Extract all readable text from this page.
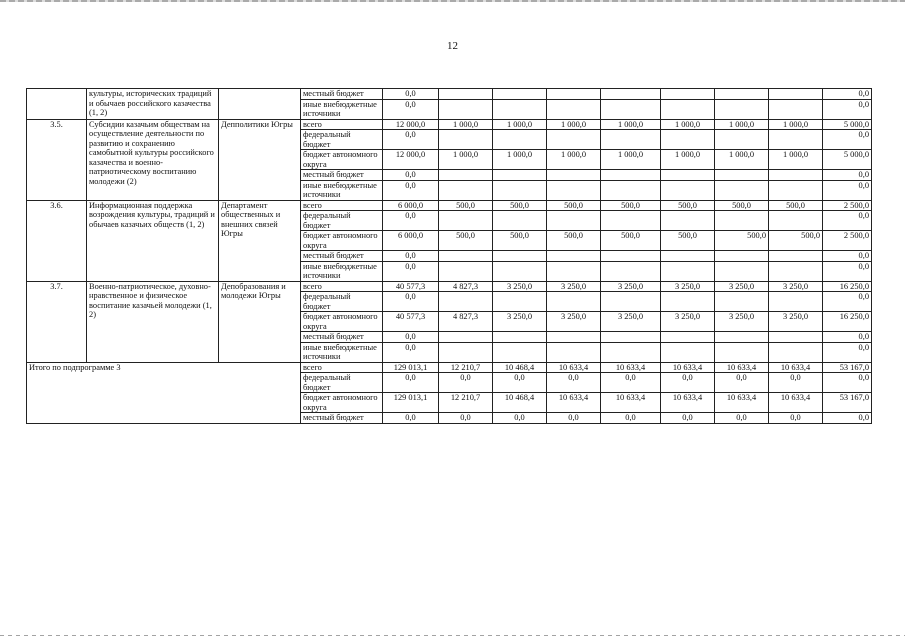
12
	культуры, исторических традиций и обычаев российского казачества (1, 2)		местный бюджет	0,0								0,0
			иные внебюджетные источники	0,0								0,0
3.5.	Субсидии казачьим обществам на осуществление деятельности по развитию и сохранению самобытной культуры российского казачества и военно-патриотическому воспитанию молодежи (2)	Депполитики Югры	всего	12 000,0	1 000,0	1 000,0	1 000,0	1 000,0	1 000,0	1 000,0	1 000,0	5 000,0
			федеральный бюджет	0,0								0,0
			бюджет автономного округа	12 000,0	1 000,0	1 000,0	1 000,0	1 000,0	1 000,0	1 000,0	1 000,0	5 000,0
			местный бюджет	0,0								0,0
			иные внебюджетные источники	0,0								0,0
3.6.	Информационная поддержка возрождения культуры, традиций и обычаев казачьих обществ (1, 2)	Департамент общественных и внешних связей Югры	всего	6 000,0	500,0	500,0	500,0	500,0	500,0	500,0	500,0	2 500,0
			федеральный бюджет	0,0								0,0
			бюджет автономного округа	6 000,0	500,0	500,0	500,0	500,0	500,0	500,0	500,0	2 500,0
			местный бюджет	0,0								0,0
			иные внебюджетные источники	0,0								0,0
3.7.	Военно-патриотическое, духовно-нравственное и физическое воспитание казачьей молодежи (1, 2)	Депобразования и молодежи Югры	всего	40 577,3	4 827,3	3 250,0	3 250,0	3 250,0	3 250,0	3 250,0	3 250,0	16 250,0
			федеральный бюджет	0,0								0,0
			бюджет автономного округа	40 577,3	4 827,3	3 250,0	3 250,0	3 250,0	3 250,0	3 250,0	3 250,0	16 250,0
			местный бюджет	0,0								0,0
			иные внебюджетные источники	0,0								0,0
Итого по подпрограмме 3			всего	129 013,1	12 210,7	10 468,4	10 633,4	10 633,4	10 633,4	10 633,4	10 633,4	53 167,0
			федеральный бюджет	0,0	0,0	0,0	0,0	0,0	0,0	0,0	0,0	0,0
			бюджет автономного округа	129 013,1	12 210,7	10 468,4	10 633,4	10 633,4	10 633,4	10 633,4	10 633,4	53 167,0
			местный бюджет	0,0	0,0	0,0	0,0	0,0	0,0	0,0	0,0	0,0
